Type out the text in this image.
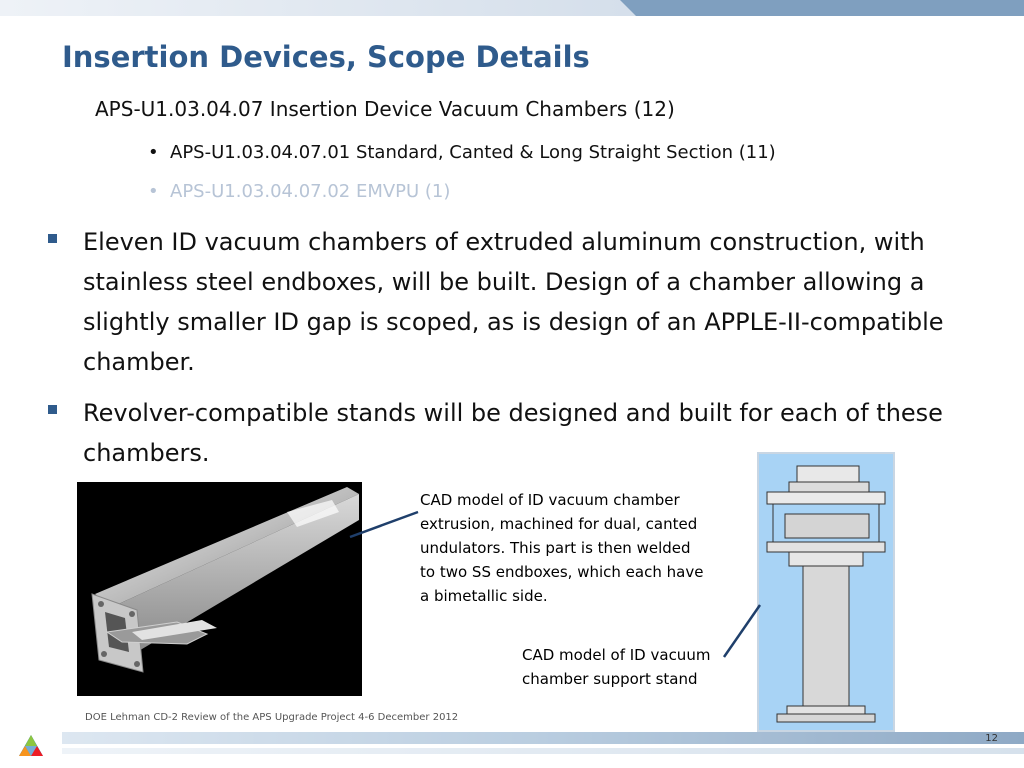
Insertion Devices, Scope Details
APS-U1.03.04.07 Insertion Device Vacuum Chambers (12)
• APS-U1.03.04.07.01 Standard, Canted & Long Straight Section (11)
• APS-U1.03.04.07.02 EMVPU (1)
Eleven ID vacuum chambers of extruded aluminum construction, with stainless steel endboxes, will be built. Design of a chamber allowing a slightly smaller ID gap is scoped, as is design of an APPLE-II-compatible chamber.
Revolver-compatible stands will be designed and built for each of these chambers.
CAD model of ID vacuum chamber extrusion, machined for dual, canted undulators. This part is then welded to two SS endboxes, which each have a bimetallic side.
CAD model of ID vacuum chamber support stand
DOE Lehman CD-2 Review of the APS Upgrade Project 4-6 December 2012
12
